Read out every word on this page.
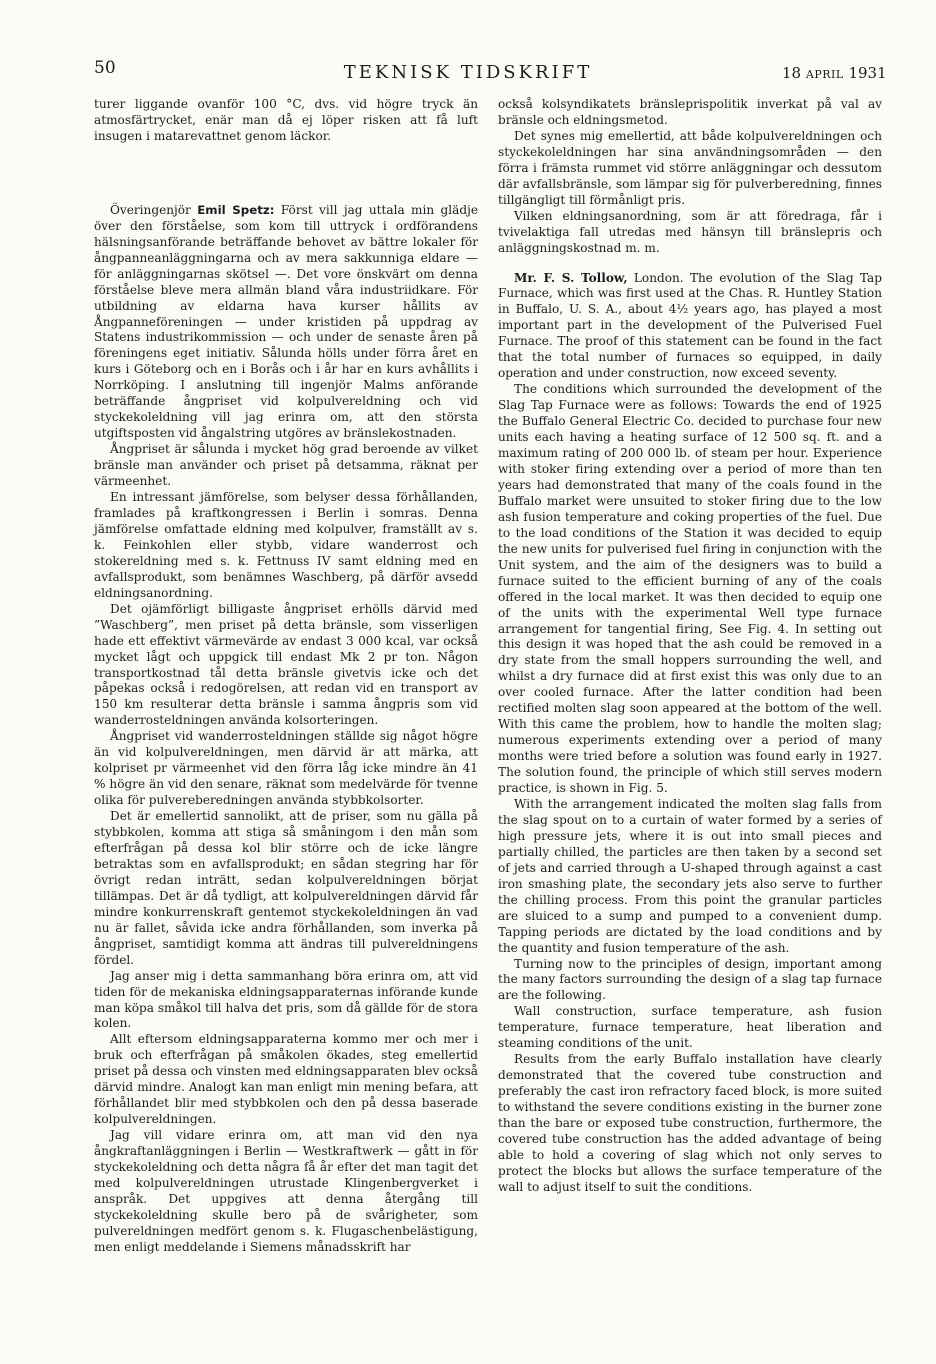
50	TEKNISK TIDSKRIFT	18 APRIL 1931

turer liggande ovanför 100 °C, dvs. vid högre tryck än atmosfärtrycket, enär man då ej löper risken att få luft insugen i matarevattnet genom läckor.

Överingenjör Emil Spetz: Först vill jag uttala min glädje över den förståelse, som kom till uttryck i ordförandens hälsningsanförande beträffande behovet av bättre lokaler för ångpanneanläggningarna och av mera sakkunniga eldare — för anläggningarnas skötsel —. Det vore önskvärt om denna förståelse bleve mera allmän bland våra industriidkare. För utbildning av eldarna hava kurser hållits av Ångpanneföreningen — under kristiden på uppdrag av Statens industrikommission — och under de senaste åren på föreningens eget initiativ. Sålunda hölls under förra året en kurs i Göteborg och en i Borås och i år har en kurs avhållits i Norrköping. I anslutning till ingenjör Malms anförande beträffande ångpriset vid kolpulvereldning och vid styckekoleldning vill jag erinra om, att den största utgiftsposten vid ångalstring utgöres av bränslekostnaden.

Ångpriset är sålunda i mycket hög grad beroende av vilket bränsle man använder och priset på detsamma, räknat per värmeenhet.

En intressant jämförelse, som belyser dessa förhållanden, framlades på kraftkongressen i Berlin i somras. Denna jämförelse omfattade eldning med kolpulver, framställt av s. k. Feinkohlen eller stybb, vidare wanderrost och stokereldning med s. k. Fettnuss IV samt eldning med en avfallsprodukt, som benämnes Waschberg, på därför avsedd eldningsanordning.

Det ojämförligt billigaste ångpriset erhölls därvid med ”Waschberg”, men priset på detta bränsle, som visserligen hade ett effektivt värmevärde av endast 3 000 kcal, var också mycket lågt och uppgick till endast Mk 2 pr ton. Någon transportkostnad tål detta bränsle givetvis icke och det påpekas också i redogörelsen, att redan vid en transport av 150 km resulterar detta bränsle i samma ångpris som vid wanderrosteldningen använda kolsorteringen.

Ångpriset vid wanderrosteldningen ställde sig något högre än vid kolpulvereldningen, men därvid är att märka, att kolpriset pr värmeenhet vid den förra låg icke mindre än 41 % högre än vid den senare, räknat som medelvärde för tvenne olika för pulvereberedningen använda stybbkolsorter.

Det är emellertid sannolikt, att de priser, som nu gälla på stybbkolen, komma att stiga så småningom i den mån som efterfrågan på dessa kol blir större och de icke längre betraktas som en avfallsprodukt; en sådan stegring har för övrigt redan inträtt, sedan kolpulvereldningen börjat tillämpas. Det är då tydligt, att kolpulvereldningen därvid får mindre konkurrenskraft gentemot styckekoleldningen än vad nu är fallet, såvida icke andra förhållanden, som inverka på ångpriset, samtidigt komma att ändras till pulvereldningens fördel.

Jag anser mig i detta sammanhang böra erinra om, att vid tiden för de mekaniska eldningsapparaternas införande kunde man köpa småkol till halva det pris, som då gällde för de stora kolen.

Allt eftersom eldningsapparaterna kommo mer och mer i bruk och efterfrågan på småkolen ökades, steg emellertid priset på dessa och vinsten med eldningsapparaten blev också därvid mindre. Analogt kan man enligt min mening befara, att förhållandet blir med stybbkolen och den på dessa baserade kolpulvereldningen.

Jag vill vidare erinra om, att man vid den nya ångkraftanläggningen i Berlin — Westkraftwerk — gått in för styckekoleldning och detta några få år efter det man tagit det med kolpulvereldningen utrustade Klingenbergverket i anspråk. Det uppgives att denna återgång till styckekoleldning skulle bero på de svårigheter, som pulvereldningen medfört genom s. k. Flugaschenbelästigung, men enligt meddelande i Siemens månadsskrift har

också kolsyndikatets bränsleprispolitik inverkat på val av bränsle och eldningsmetod.

Det synes mig emellertid, att både kolpulvereldningen och styckekoleldningen har sina användningsområden — den förra i främsta rummet vid större anläggningar och dessutom där avfallsbränsle, som lämpar sig för pulverberedning, finnes tillgängligt till förmånligt pris.

Vilken eldningsanordning, som är att föredraga, får i tvivelaktiga fall utredas med hänsyn till bränslepris och anläggningskostnad m. m.

Mr. F. S. Tollow, London. The evolution of the Slag Tap Furnace, which was first used at the Chas. R. Huntley Station in Buffalo, U. S. A., about 4½ years ago, has played a most important part in the development of the Pulverised Fuel Furnace. The proof of this statement can be found in the fact that the total number of furnaces so equipped, in daily operation and under construction, now exceed seventy.

The conditions which surrounded the development of the Slag Tap Furnace were as follows: Towards the end of 1925 the Buffalo General Electric Co. decided to purchase four new units each having a heating surface of 12 500 sq. ft. and a maximum rating of 200 000 lb. of steam per hour. Experience with stoker firing extending over a period of more than ten years had demonstrated that many of the coals found in the Buffalo market were unsuited to stoker firing due to the low ash fusion temperature and coking properties of the fuel. Due to the load conditions of the Station it was decided to equip the new units for pulverised fuel firing in conjunction with the Unit system, and the aim of the designers was to build a furnace suited to the efficient burning of any of the coals offered in the local market. It was then decided to equip one of the units with the experimental Well type furnace arrangement for tangential firing, See Fig. 4. In setting out this design it was hoped that the ash could be removed in a dry state from the small hoppers surrounding the well, and whilst a dry furnace did at first exist this was only due to an over cooled furnace. After the latter condition had been rectified molten slag soon appeared at the bottom of the well. With this came the problem, how to handle the molten slag; numerous experiments extending over a period of many months were tried before a solution was found early in 1927. The solution found, the principle of which still serves modern practice, is shown in Fig. 5.

With the arrangement indicated the molten slag falls from the slag spout on to a curtain of water formed by a series of high pressure jets, where it is out into small pieces and partially chilled, the particles are then taken by a second set of jets and carried through a U-shaped through against a cast iron smashing plate, the secondary jets also serve to further the chilling process. From this point the granular particles are sluiced to a sump and pumped to a convenient dump. Tapping periods are dictated by the load conditions and by the quantity and fusion temperature of the ash.

Turning now to the principles of design, important among the many factors surrounding the design of a slag tap furnace are the following.

Wall construction, surface temperature, ash fusion temperature, furnace temperature, heat liberation and steaming conditions of the unit.

Results from the early Buffalo installation have clearly demonstrated that the covered tube construction and preferably the cast iron refractory faced block, is more suited to withstand the severe conditions existing in the burner zone than the bare or exposed tube construction, furthermore, the covered tube construction has the added advantage of being able to hold a covering of slag which not only serves to protect the blocks but allows the surface temperature of the wall to adjust itself to suit the conditions.
